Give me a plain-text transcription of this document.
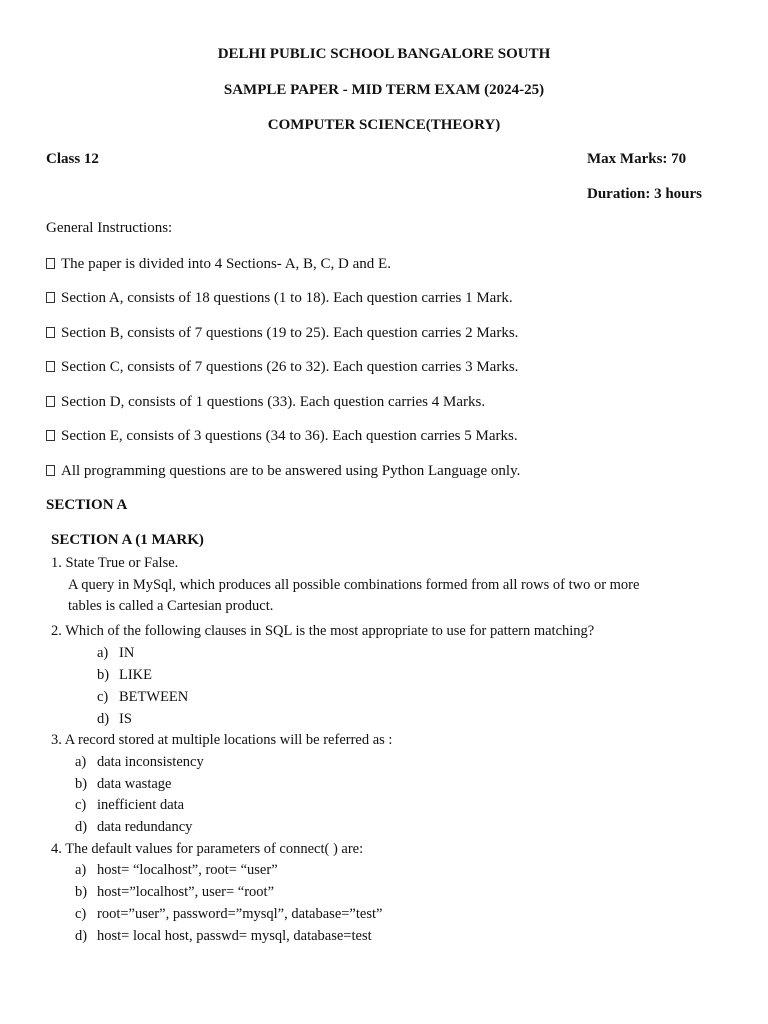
DELHI PUBLIC SCHOOL BANGALORE SOUTH
SAMPLE PAPER - MID TERM EXAM (2024-25)
COMPUTER SCIENCE(THEORY)
Class 12	Max Marks: 70
Duration: 3 hours
General Instructions:
The paper is divided into 4 Sections- A, B, C, D and E.
Section A, consists of 18 questions (1 to 18). Each question carries 1 Mark.
Section B, consists of 7 questions (19 to 25). Each question carries 2 Marks.
Section C, consists of 7 questions (26 to 32). Each question carries 3 Marks.
Section D, consists of 1 questions (33). Each question carries 4 Marks.
Section E, consists of 3 questions (34 to 36). Each question carries 5 Marks.
All programming questions are to be answered using Python Language only.
SECTION A
SECTION A (1 MARK)
1. State True or False.
A query in MySql, which produces all possible combinations formed from all rows of two or more
tables is called a Cartesian product.
2. Which of the following clauses in SQL is the most appropriate to use for pattern matching?
a) IN
b) LIKE
c) BETWEEN
d) IS
3. A record stored at multiple locations will be referred as :
a) data inconsistency
b) data wastage
c) inefficient data
d) data redundancy
4. The default values for parameters of connect( ) are:
a) host= “localhost”, root= “user”
b) host=”localhost”, user= “root”
c) root=”user”, password=”mysql”, database=”test”
d) host= local host, passwd= mysql, database=test
